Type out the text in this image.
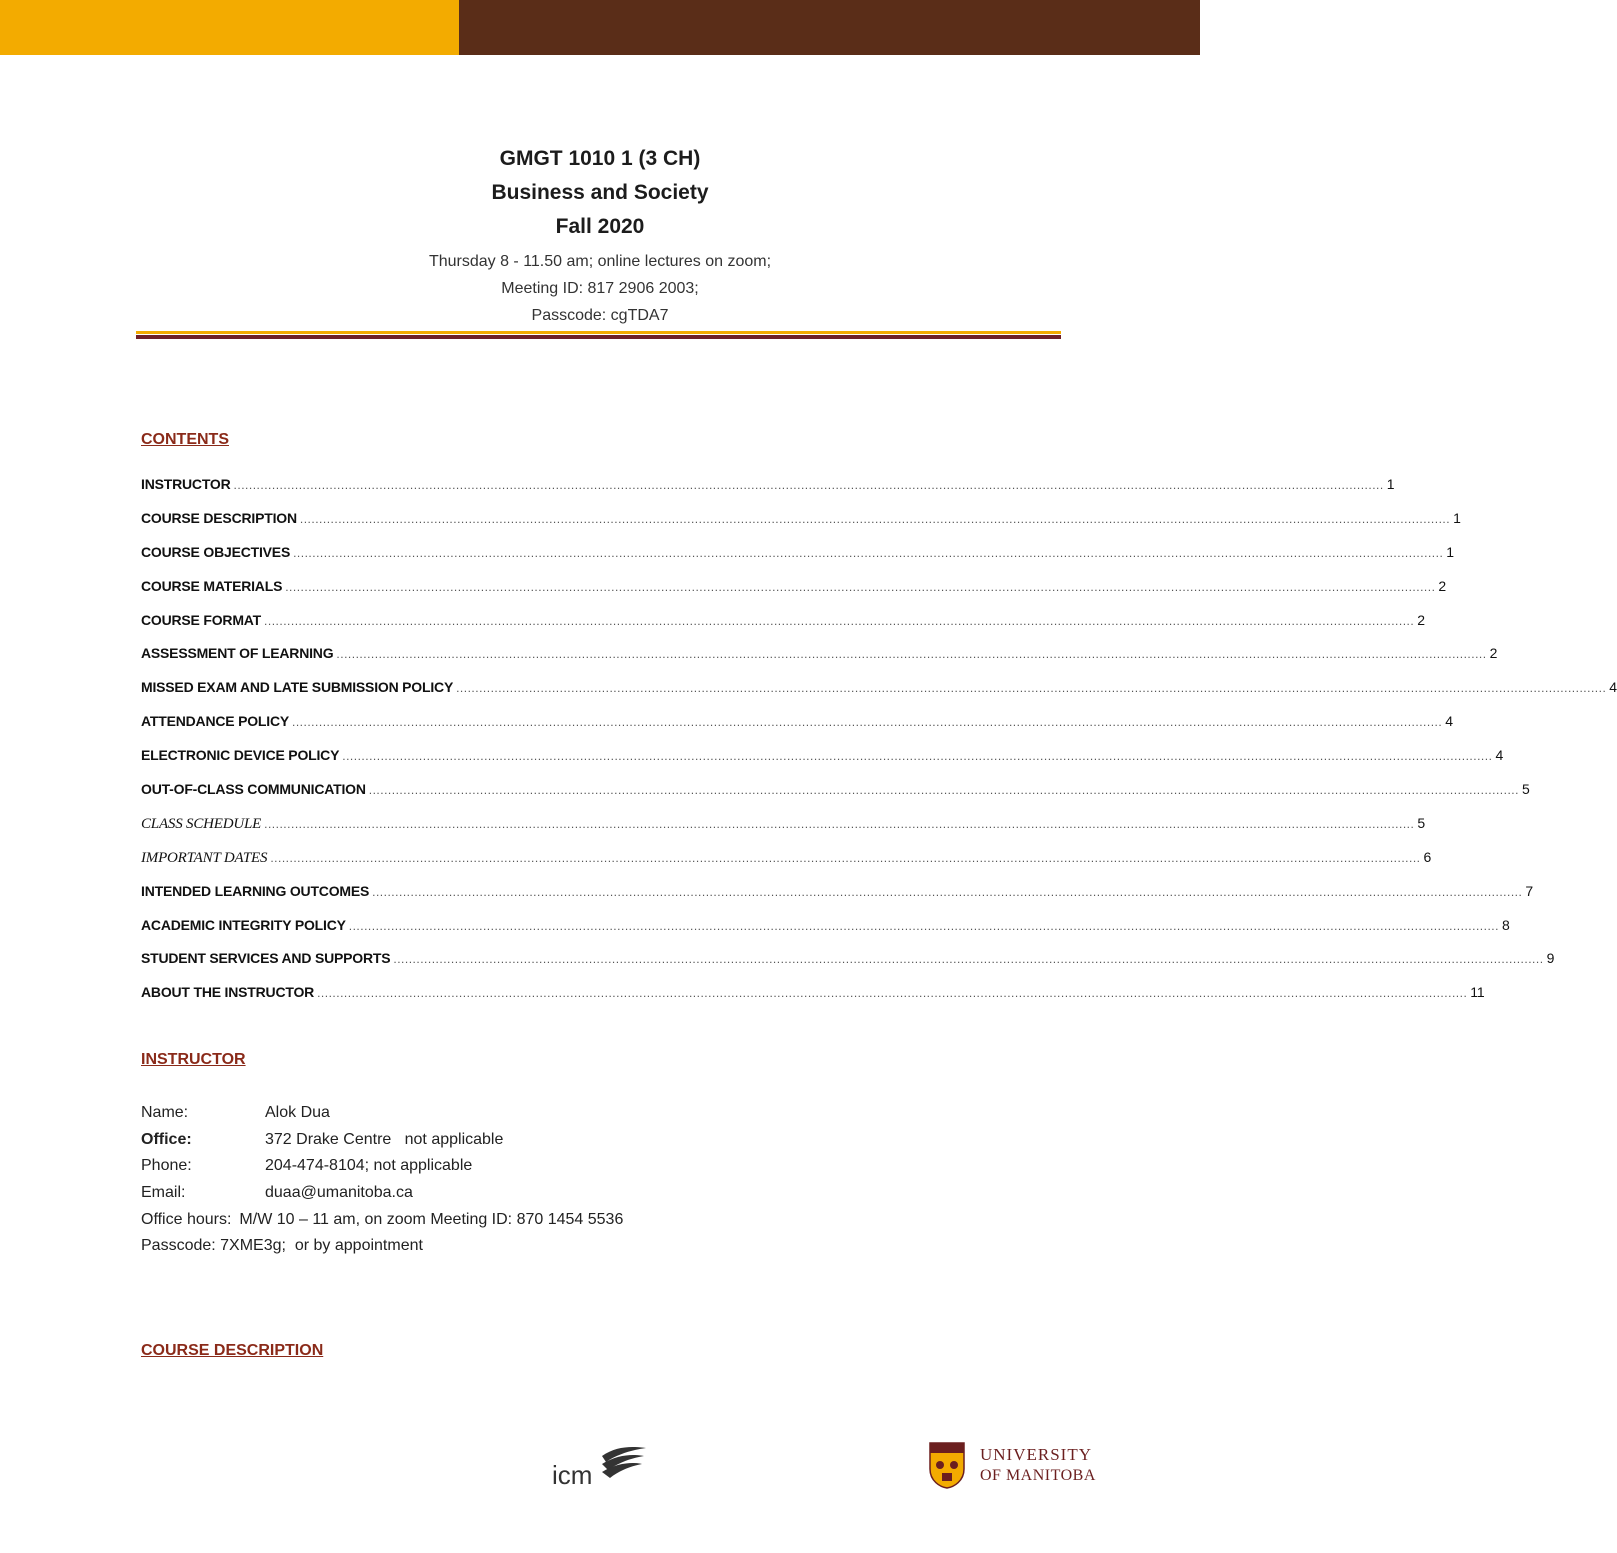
GMGT 1010 1 (3 CH)

Business and Society

Fall 2020

Thursday 8 - 11.50 am; online lectures on zoom;

Meeting ID: 817 2906 2003;

Passcode: cgTDA7

CONTENTS
INSTRUCTOR ............................................................................................................................................................................................................................................................................................................ 1
COURSE DESCRIPTION ............................................................................................................................................................................................................................................................................................................ 1
COURSE OBJECTIVES ............................................................................................................................................................................................................................................................................................................ 1
COURSE MATERIALS ............................................................................................................................................................................................................................................................................................................ 2
COURSE FORMAT ............................................................................................................................................................................................................................................................................................................ 2
ASSESSMENT OF LEARNING ............................................................................................................................................................................................................................................................................................................ 2
MISSED EXAM AND LATE SUBMISSION POLICY ............................................................................................................................................................................................................................................................................................................ 4
ATTENDANCE POLICY ............................................................................................................................................................................................................................................................................................................ 4
ELECTRONIC DEVICE POLICY ............................................................................................................................................................................................................................................................................................................ 4
OUT-OF-CLASS COMMUNICATION ............................................................................................................................................................................................................................................................................................................ 5
CLASS SCHEDULE ............................................................................................................................................................................................................................................................................................................ 5
IMPORTANT DATES ............................................................................................................................................................................................................................................................................................................ 6
INTENDED LEARNING OUTCOMES ............................................................................................................................................................................................................................................................................................................ 7
ACADEMIC INTEGRITY POLICY ............................................................................................................................................................................................................................................................................................................ 8
STUDENT SERVICES AND SUPPORTS ............................................................................................................................................................................................................................................................................................................ 9
ABOUT THE INSTRUCTOR ............................................................................................................................................................................................................................................................................................................ 11
INSTRUCTOR
Name:	Alok Dua
Office:	372 Drake Centre   not applicable
Phone:	204-474-8104; not applicable
Email:	duaa@umanitoba.ca
Office hours: M/W 10 – 11 am, on zoom Meeting ID: 870 1454 5536
Passcode: 7XME3g;  or by appointment
COURSE DESCRIPTION
icm
UNIVERSITY
OF MANITOBA
